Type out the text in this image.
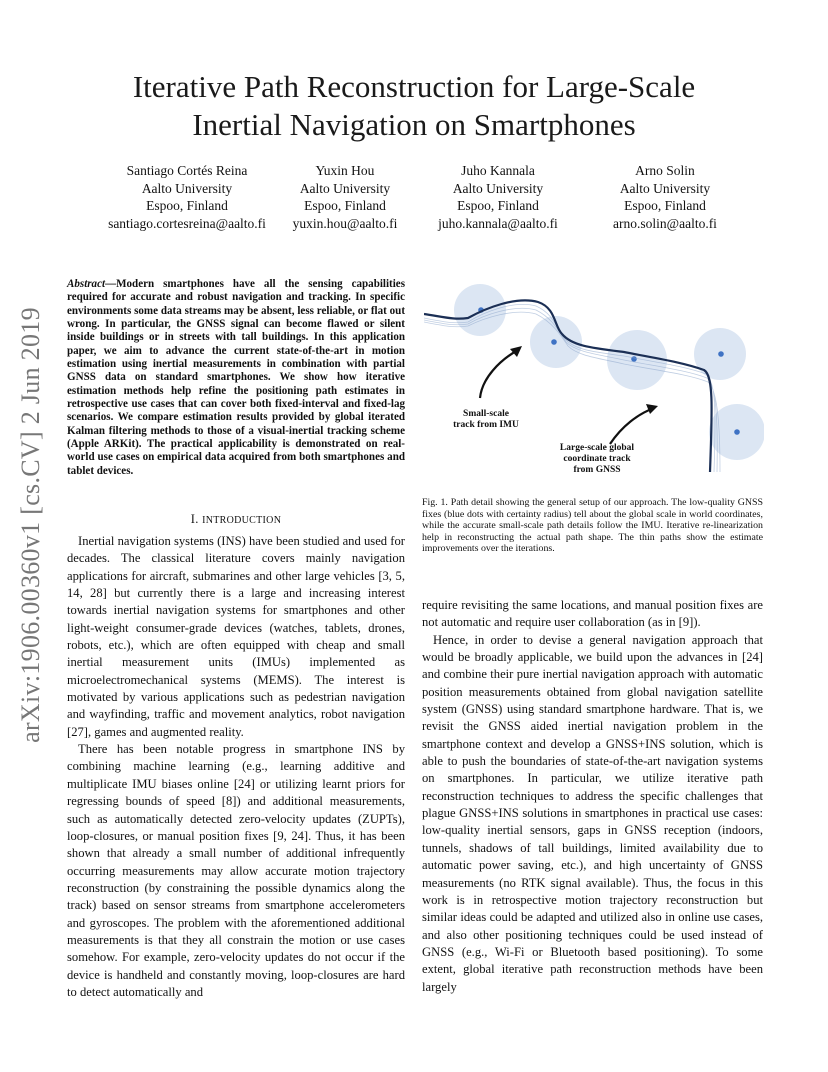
Iterative Path Reconstruction for Large-Scale
Inertial Navigation on Smartphones
Santiago Cortés Reina
Aalto University
Espoo, Finland
santiago.cortesreina@aalto.fi
Yuxin Hou
Aalto University
Espoo, Finland
yuxin.hou@aalto.fi
Juho Kannala
Aalto University
Espoo, Finland
juho.kannala@aalto.fi
Arno Solin
Aalto University
Espoo, Finland
arno.solin@aalto.fi
arXiv:1906.00360v1 [cs.CV] 2 Jun 2019
Abstract—Modern smartphones have all the sensing capabilities required for accurate and robust navigation and tracking. In specific environments some data streams may be absent, less reliable, or flat out wrong. In particular, the GNSS signal can become flawed or silent inside buildings or in streets with tall buildings. In this application paper, we aim to advance the current state-of-the-art in motion estimation using inertial measurements in combination with partial GNSS data on standard smartphones. We show how iterative estimation methods help refine the positioning path estimates in retrospective use cases that can cover both fixed-interval and fixed-lag scenarios. We compare estimation results provided by global iterated Kalman filtering methods to those of a visual-inertial tracking scheme (Apple ARKit). The practical applicability is demonstrated on real-world use cases on empirical data acquired from both smartphones and tablet devices.
I. INTRODUCTION

Inertial navigation systems (INS) have been studied and used for decades. The classical literature covers mainly navigation applications for aircraft, submarines and other large vehicles [3, 5, 14, 28] but currently there is a large and increasing interest towards inertial navigation systems for smartphones and other light-weight consumer-grade devices (watches, tablets, drones, robots, etc.), which are often equipped with cheap and small inertial measurement units (IMUs) implemented as microelectromechanical systems (MEMS). The interest is motivated by various applications such as pedestrian navigation and wayfinding, traffic and movement analytics, robot navigation [27], games and augmented reality.

There has been notable progress in smartphone INS by combining machine learning (e.g., learning additive and multiplicate IMU biases online [24] or utilizing learnt priors for regressing bounds of speed [8]) and additional measurements, such as automatically detected zero-velocity updates (ZUPTs), loop-closures, or manual position fixes [9, 24]. Thus, it has been shown that already a small number of additional infrequently occurring measurements may allow accurate motion trajectory reconstruction (by constraining the possible dynamics along the track) based on sensor streams from smartphone accelerometers and gyroscopes. The problem with the aforementioned additional measurements is that they all constrain the motion or use cases somehow. For example, zero-velocity updates do not occur if the device is handheld and constantly moving, loop-closures are hard to detect automatically and

Small-scale
track from IMU
Large-scale global
coordinate track
from GNSS
Fig. 1. Path detail showing the general setup of our approach. The low-quality GNSS fixes (blue dots with certainty radius) tell about the global scale in world coordinates, while the accurate small-scale path details follow the IMU. Iterative re-linearization help in reconstructing the actual path shape. The thin paths show the estimate improvements over the iterations.

require revisiting the same locations, and manual position fixes are not automatic and require user collaboration (as in [9]).

Hence, in order to devise a general navigation approach that would be broadly applicable, we build upon the advances in [24] and combine their pure inertial navigation approach with automatic position measurements obtained from global navigation satellite system (GNSS) using standard smartphone hardware. That is, we revisit the GNSS aided inertial navigation problem in the smartphone context and develop a GNSS+INS solution, which is able to push the boundaries of state-of-the-art navigation systems on smartphones. In particular, we utilize iterative path reconstruction techniques to address the specific challenges that plague GNSS+INS solutions in smartphones in practical use cases: low-quality inertial sensors, gaps in GNSS reception (indoors, tunnels, shadows of tall buildings, limited availability due to automatic power saving, etc.), and high uncertainty of GNSS measurements (no RTK signal available). Thus, the focus in this work is in retrospective motion trajectory reconstruction but similar ideas could be adapted and utilized also in online use cases, and also other positioning techniques could be used instead of GNSS (e.g., Wi-Fi or Bluetooth based positioning). To some extent, global iterative path reconstruction methods have been largely
